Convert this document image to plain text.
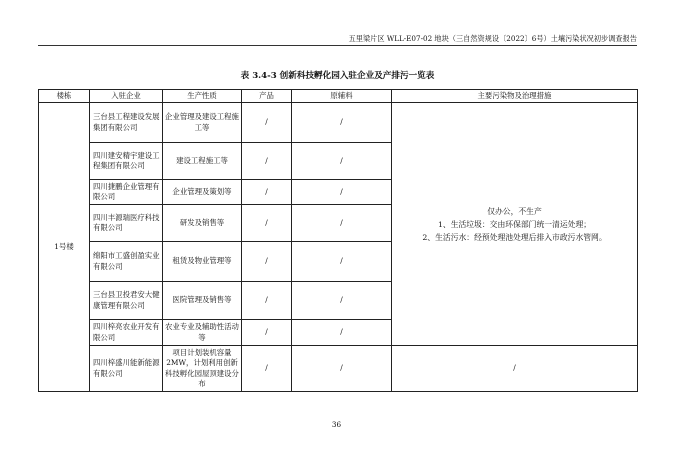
五里梁片区 WLL-E07-02 地块（三自然资规设〔2022〕6号）土壤污染状况初步调查报告
表 3.4-3 创新科技孵化园入驻企业及产排污一览表
楼栋	入驻企业	生产性质	产品	原辅料	主要污染物及治理措施
1号楼	三台县工程建设发展集团有限公司	企业管理及建设工程施工等	/	/	仅办公，不生产
1、生活垃圾：交由环保部门统一清运处理；
2、生活污水：经预处理池处理后排入市政污水管网。

	四川建安精宇建设工程集团有限公司	建设工程施工等	/	/	
	四川捷鹏企业管理有限公司	企业管理及策划等	/	/	
	四川丰源瑞医疗科技有限公司	研发及销售等	/	/	
	绵阳市工盛创盈实业有限公司	租赁及物业管理等	/	/	
	三台县卫投君安大健康管理有限公司	医院管理及销售等	/	/	
	四川梓亮农业开发有限公司	农业专业及辅助性活动等	/	/	
	四川梓盛川能新能源有限公司	项目计划装机容量2MW，计划利用创新科技孵化园屋顶建设分布	/	/	/
36
